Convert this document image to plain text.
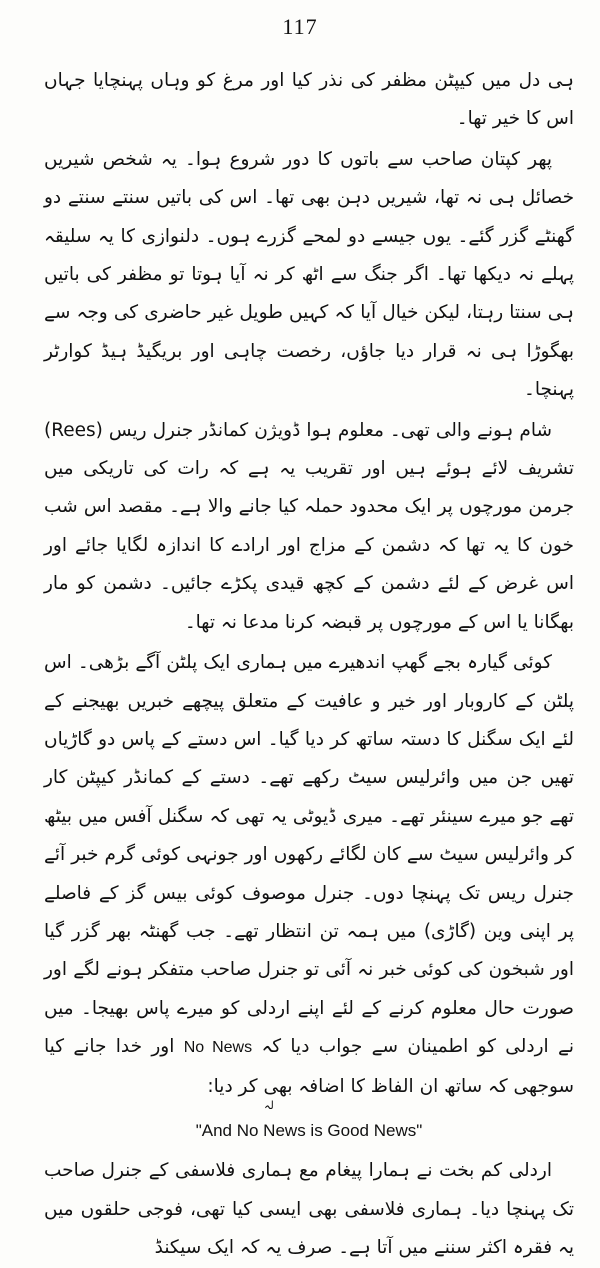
117

ہی دل میں کیپٹن مظفر کی نذر کیا اور مرغ کو وہاں پہنچایا جہاں اس کا خیر تھا۔

پھر کپتان صاحب سے باتوں کا دور شروع ہوا۔ یہ شخص شیریں خصائل ہی نہ تھا، شیریں دہن بھی تھا۔ اس کی باتیں سنتے سنتے دو گھنٹے گزر گئے۔ یوں جیسے دو لمحے گزرے ہوں۔ دلنوازی کا یہ سلیقہ پہلے نہ دیکھا تھا۔ اگر جنگ سے اٹھ کر نہ آیا ہوتا تو مظفر کی باتیں ہی سنتا رہتا، لیکن خیال آیا کہ کہیں طویل غیر حاضری کی وجہ سے بھگوڑا ہی نہ قرار دیا جاؤں، رخصت چاہی اور بریگیڈ ہیڈ کوارٹر پہنچا۔

شام ہونے والی تھی۔ معلوم ہوا ڈویژن کمانڈر جنرل ریس (Rees) تشریف لائے ہوئے ہیں اور تقریب یہ ہے کہ رات کی تاریکی میں جرمن مورچوں پر ایک محدود حملہ کیا جانے والا ہے۔ مقصد اس شب خون کا یہ تھا کہ دشمن کے مزاج اور ارادے کا اندازہ لگایا جائے اور اس غرض کے لئے دشمن کے کچھ قیدی پکڑے جائیں۔ دشمن کو مار بھگانا یا اس کے مورچوں پر قبضہ کرنا مدعا نہ تھا۔

کوئی گیارہ بجے گھپ اندھیرے میں ہماری ایک پلٹن آگے بڑھی۔ اس پلٹن کے کاروبار اور خیر و عافیت کے متعلق پیچھے خبریں بھیجنے کے لئے ایک سگنل کا دستہ ساتھ کر دیا گیا۔ اس دستے کے پاس دو گاڑیاں تھیں جن میں وائرلیس سیٹ رکھے تھے۔ دستے کے کمانڈر کیپٹن کار تھے جو میرے سینئر تھے۔ میری ڈیوٹی یہ تھی کہ سگنل آفس میں بیٹھ کر وائرلیس سیٹ سے کان لگائے رکھوں اور جونہی کوئی گرم خبر آئے جنرل ریس تک پہنچا دوں۔ جنرل موصوف کوئی بیس گز کے فاصلے پر اپنی وین (گاڑی) میں ہمہ تن انتظار تھے۔ جب گھنٹہ بھر گزر گیا اور شبخون کی کوئی خبر نہ آئی تو جنرل صاحب متفکر ہونے لگے اور صورت حال معلوم کرنے کے لئے اپنے اردلی کو میرے پاس بھیجا۔ میں نے اردلی کو اطمینان سے جواب دیا کہ No News اور خدا جانے کیا سوجھی کہ ساتھ ان الفاظ کا اضافہ بھی کر دیا:

لہ
"And No News is Good News"

اردلی کم بخت نے ہمارا پیغام مع ہماری فلاسفی کے جنرل صاحب تک پہنچا دیا۔ ہماری فلاسفی بھی ایسی کیا تھی، فوجی حلقوں میں یہ فقرہ اکثر سننے میں آتا ہے۔ صرف یہ کہ ایک سیکنڈ
